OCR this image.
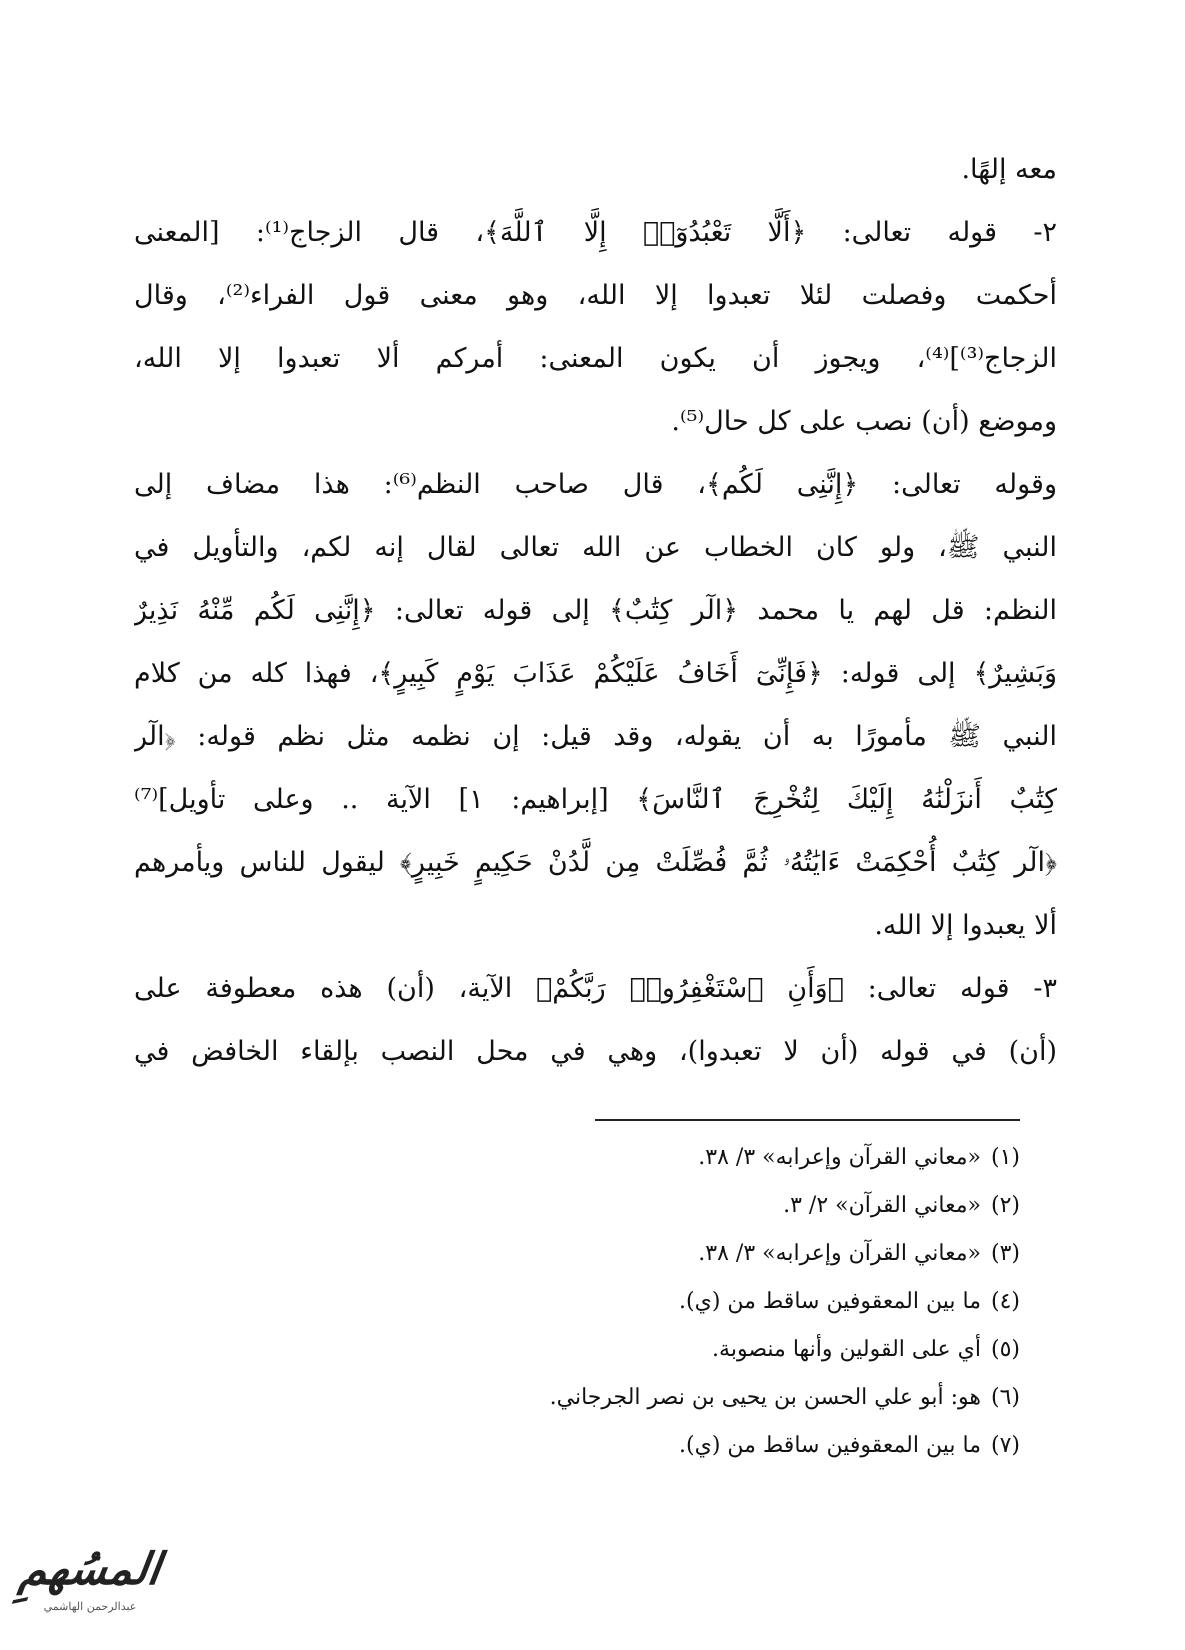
معه إلهًا.
٢- قوله تعالى: ﴿أَلَّا تَعْبُدُوٓا۟ إِلَّا ٱللَّهَ﴾، قال الزجاج⁽¹⁾: [المعنى
أحكمت وفصلت لئلا تعبدوا إلا الله، وهو معنى قول الفراء⁽²⁾، وقال
الزجاج⁽³⁾]⁽⁴⁾، ويجوز أن يكون المعنى: أمركم ألا تعبدوا إلا الله،
وموضع (أن) نصب على كل حال⁽⁵⁾.
وقوله تعالى: ﴿إِنَّنِى لَكُم﴾، قال صاحب النظم⁽⁶⁾: هذا مضاف إلى
النبي ﷺ، ولو كان الخطاب عن الله تعالى لقال إنه لكم، والتأويل في
النظم: قل لهم يا محمد ﴿الٓر كِتَٰبٌ﴾ إلى قوله تعالى: ﴿إِنَّنِى لَكُم مِّنْهُ نَذِيرٌ
وَبَشِيرٌ﴾ إلى قوله: ﴿فَإِنِّىٓ أَخَافُ عَلَيْكُمْ عَذَابَ يَوْمٍ كَبِيرٍ﴾، فهذا كله من كلام
النبي ﷺ مأمورًا به أن يقوله، وقد قيل: إن نظمه مثل نظم قوله: ﴿الٓر
كِتَٰبٌ أَنزَلْنَٰهُ إِلَيْكَ لِتُخْرِجَ ٱلنَّاسَ﴾ [إبراهيم: ١] الآية .. وعلى تأويل]⁽⁷⁾
﴿الٓر كِتَٰبٌ أُحْكِمَتْ ءَايَٰتُهُۥ ثُمَّ فُصِّلَتْ مِن لَّدُنْ حَكِيمٍ خَبِيرٍ﴾ ليقول للناس ويأمرهم
ألا يعبدوا إلا الله.
٣- قوله تعالى: ﴿وَأَنِ ٱسْتَغْفِرُوا۟ رَبَّكُمْ﴾ الآية، (أن) هذه معطوفة على
(أن) في قوله (أن لا تعبدوا)، وهي في محل النصب بإلقاء الخافض في
(١)«معاني القرآن وإعرابه» ٣/ ٣٨.
(٢)«معاني القرآن» ٢/ ٣.
(٣)«معاني القرآن وإعرابه» ٣/ ٣٨.
(٤)ما بين المعقوفين ساقط من (ي).
(٥)أي على القولين وأنها منصوبة.
(٦)هو: أبو علي الحسن بن يحيى بن نصر الجرجاني.
(٧)ما بين المعقوفين ساقط من (ي).
المسُهمِ
عبدالرحمن الهاشمي
